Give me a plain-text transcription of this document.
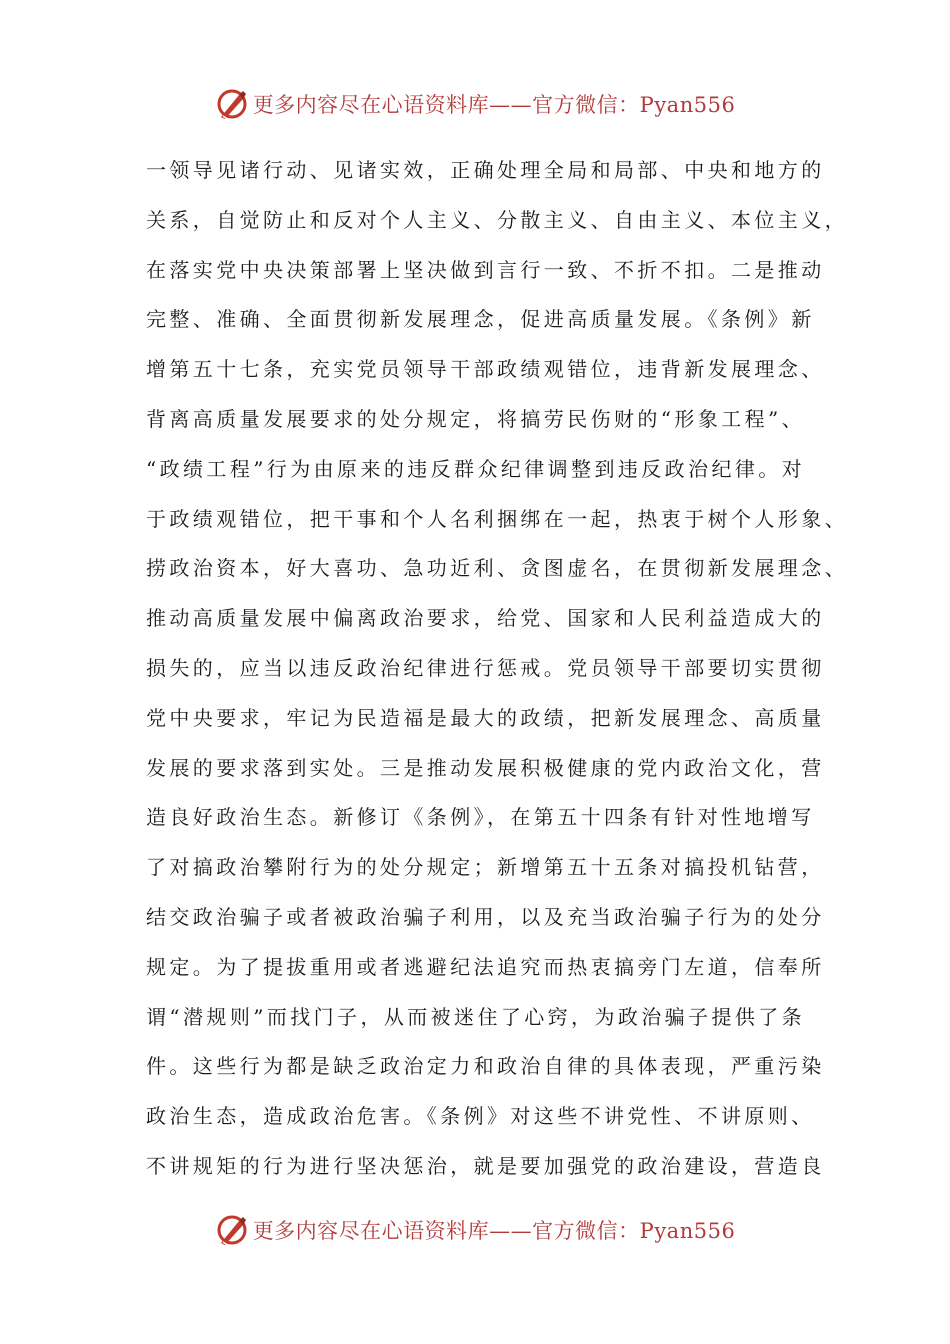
更多内容尽在心语资料库——官方微信：Pyan556
一领导见诸行动、见诸实效，正确处理全局和局部、中央和地方的
关系，自觉防止和反对个人主义、分散主义、自由主义、本位主义，
在落实党中央决策部署上坚决做到言行一致、不折不扣。二是推动
完整、准确、全面贯彻新发展理念，促进高质量发展。《条例》新
增第五十七条，充实党员领导干部政绩观错位，违背新发展理念、
背离高质量发展要求的处分规定，将搞劳民伤财的“形象工程”、
“政绩工程”行为由原来的违反群众纪律调整到违反政治纪律。对
于政绩观错位，把干事和个人名利捆绑在一起，热衷于树个人形象、
捞政治资本，好大喜功、急功近利、贪图虚名，在贯彻新发展理念、
推动高质量发展中偏离政治要求，给党、国家和人民利益造成大的
损失的，应当以违反政治纪律进行惩戒。党员领导干部要切实贯彻
党中央要求，牢记为民造福是最大的政绩，把新发展理念、高质量
发展的要求落到实处。三是推动发展积极健康的党内政治文化，营
造良好政治生态。新修订《条例》，在第五十四条有针对性地增写
了对搞政治攀附行为的处分规定；新增第五十五条对搞投机钻营，
结交政治骗子或者被政治骗子利用，以及充当政治骗子行为的处分
规定。为了提拔重用或者逃避纪法追究而热衷搞旁门左道，信奉所
谓“潜规则”而找门子，从而被迷住了心窍，为政治骗子提供了条
件。这些行为都是缺乏政治定力和政治自律的具体表现，严重污染
政治生态，造成政治危害。《条例》对这些不讲党性、不讲原则、
不讲规矩的行为进行坚决惩治，就是要加强党的政治建设，营造良
更多内容尽在心语资料库——官方微信：Pyan556
